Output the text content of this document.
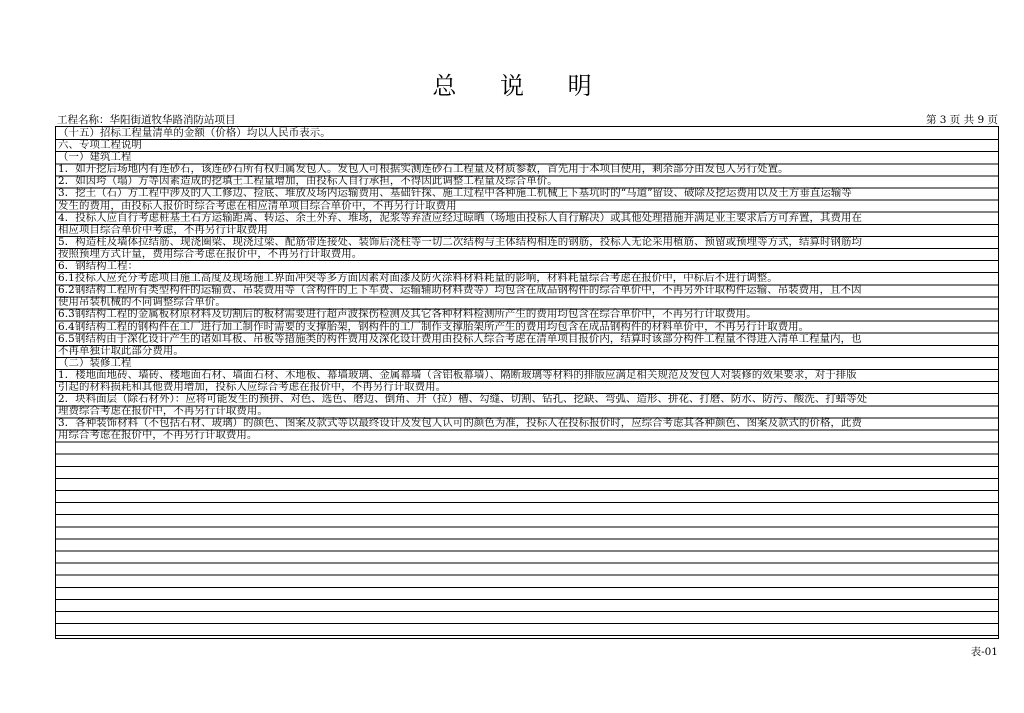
总 说 明
工程名称：华阳街道牧华路消防站项目	第 3 页 共 9 页
（十五）招标工程量清单的金额（价格）均以人民币表示。
六、专项工程说明
（一）建筑工程
1．如开挖后场地内有连砂石，该连砂石所有权归属发包人。发包人可根据实测连砂石工程量及材质参数，首先用于本项目使用，剩余部分由发包人另行处置。
2．如因垮（塌）方等因素造成的挖填土工程量增加，由投标人自行承担，不得因此调整工程量及综合单价。
3．挖土（石）方工程中涉及的人工修边、捡底、堆放及场内运输费用、基础钎探、施工过程中各种施工机械上下基坑时的“马道”留设、破除及挖运费用以及土方垂直运输等
发生的费用，由投标人报价时综合考虑在相应清单项目综合单价中，不再另行计取费用
4．投标人应自行考虑桩基土石方运输距离、转运、余土外弃、堆场，泥浆等弃渣应经过晾晒（场地由投标人自行解决）或其他处理措施并满足业主要求后方可弃置，其费用在
相应项目综合单价中考虑，不再另行计取费用
5．构造柱及墙体拉结筋、现浇圈梁、现浇过梁、配筋带连接处、装饰后浇柱等一切二次结构与主体结构相连的钢筋，投标人无论采用植筋、预留或预埋等方式，结算时钢筋均
按照预埋方式计量，费用综合考虑在报价中，不再另行计取费用。
6．钢结构工程：
6.1投标人应充分考虑项目施工高度及现场施工界面冲突等多方面因素对面漆及防火涂料材料耗量的影响，材料耗量综合考虑在报价中，中标后不进行调整。
6.2钢结构工程所有类型构件的运输费、吊装费用等（含构件的上下车费、运输辅助材料费等）均包含在成品钢构件的综合单价中，不再另外计取构件运输、吊装费用，且不因
使用吊装机械的不同调整综合单价。
6.3钢结构工程的金属板材原材料及切割后的板材需要进行超声波探伤检测及其它各种材料检测所产生的费用均包含在综合单价中，不再另行计取费用。
6.4钢结构工程的钢构件在工厂进行加工制作时需要的支撑胎架，钢构件的工厂制作支撑胎架所产生的费用均包含在成品钢构件的材料单价中，不再另行计取费用。
6.5钢结构由于深化设计产生的诸如耳板、吊板等措施类的构件费用及深化设计费用由投标人综合考虑在清单项目报价内，结算时该部分构件工程量不得进入清单工程量内，也
不再单独计取此部分费用。
（二）装修工程
1．楼地面地砖、墙砖、楼地面石材、墙面石材、木地板、幕墙玻璃、金属幕墙（含铝板幕墙）、隔断玻璃等材料的排版应满足相关规范及发包人对装修的效果要求，对于排版
引起的材料损耗和其他费用增加，投标人应综合考虑在报价中，不再另行计取费用。
2．块料面层（除石材外）：应将可能发生的预拼、对色、选色、磨边、倒角、开（拉）槽、勾缝、切割、钻孔、挖缺、弯弧、造形、拼花、打磨、防水、防污、酸洗、打蜡等处
理费综合考虑在报价中，不再另行计取费用。
3．各种装饰材料（不包括石材、玻璃）的颜色、图案及款式等以最终设计及发包人认可的颜色为准，投标人在投标报价时，应综合考虑其各种颜色、图案及款式的价格，此费
用综合考虑在报价中，不再另行计取费用。
表-01
